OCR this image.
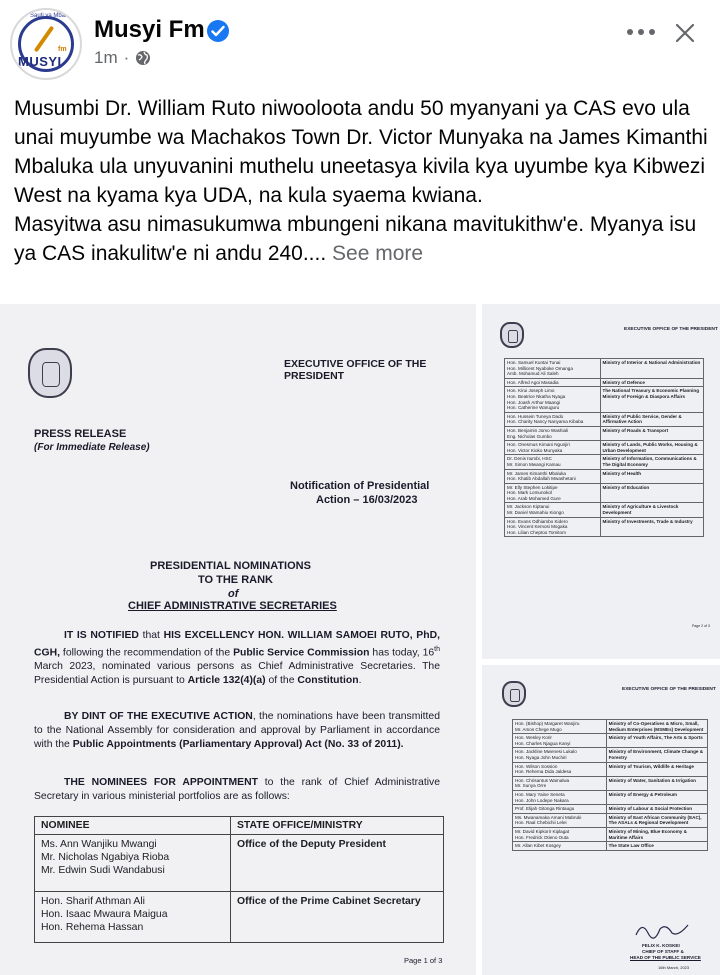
Sauti ya Mbaitu
MUSYI
fm
Musyi Fm
1m ·

Musumbi Dr. William Ruto niwooloota andu 50 myanyani ya CAS evo ula unai muyumbe wa Machakos Town Dr. Victor Munyaka na James Kimanthi Mbaluka ula unyuvanini muthelu uneetasya kivila kya uyumbe kya Kibwezi West na kyama kya UDA, na kula syaema kwiana.

Masyitwa asu nimasukumwa mbungeni nikana mavitukithw'e. Myanya isu ya CAS inakulitw'e ni andu 240.... See more

EXECUTIVE OFFICE OF THE PRESIDENT
PRESS RELEASE
(For Immediate Release)
Notification of Presidential
Action – 16/03/2023
PRESIDENTIAL NOMINATIONS
TO THE RANK
of
CHIEF ADMINISTRATIVE SECRETARIES
IT IS NOTIFIED that HIS EXCELLENCY HON. WILLIAM SAMOEI RUTO, PhD, CGH, following the recommendation of the Public Service Commission has today, 16th March 2023, nominated various persons as Chief Administrative Secretaries. The Presidential Action is pursuant to Article 132(4)(a) of the Constitution.
BY DINT OF THE EXECUTIVE ACTION, the nominations have been transmitted to the National Assembly for consideration and approval by Parliament in accordance with the Public Appointments (Parliamentary Approval) Act (No. 33 of 2011).
THE NOMINEES FOR APPOINTMENT to the rank of Chief Administrative Secretary in various ministerial portfolios are as follows:
NOMINEE	STATE OFFICE/MINISTRY

Ms. Ann Wanjiku Mwangi
Mr. Nicholas Ngabiya Rioba
Mr. Edwin Sudi Wandabusi	Office of the Deputy President

Hon. Sharif Athman Ali
Hon. Isaac Mwaura Maigua
Hon. Rehema Hassan	Office of the Prime Cabinet Secretary
Page 1 of 3
EXECUTIVE OFFICE OF THE PRESIDENT
Hon. Samuel Kuntai Tunai
Hon. Millicent Nyaboke Omanga
Amb. Mohamud Ali Saleh	Ministry of Interior & National Administration
Hon. Alfred Agoi Masadia	Ministry of Defence
Hon. Kirui Joseph Limo
Hon. Beatrice Nkatha Nyaga
Hon. Joash Arthur Maangi
Hon. Catherine Waruguru	The National Treasury & Economic Planning
Ministry of Foreign & Diaspora Affairs
Hon. Hussein Tuneya Dado
Hon. Charity Nancy Nanyama Kibaba	Ministry of Public Service, Gender & Affirmative Action
Hon. Benjamin Jomo Washiali
Eng. Nicholas Gumbo	Ministry of Roads & Transport
Hon. Onesmus Kimani Ngunjiri
Hon. Victor Kioko Munyaka	Ministry of Lands, Public Works, Housing & Urban Development
Dr. Denis Itumbi, HSC
Mr. Simon Mwangi Kamau	Ministry of Information, Communications & The Digital Economy
Mr. James Kimanthi Mbaluka
Hon. Khatib Abdallah Mwashetani	Ministry of Health
Mr. Elly Stephen Lokitipe
Hon. Mark Lomunokol
Hon. Arab Mohamed Gure	Ministry of Education
Mr. Jackson Kiptanui
Mr. Daniel Wamahiu Kiongo	Ministry of Agriculture & Livestock Development
Hon. Evans Odhiambo Kidero
Hon. Vincent Kemosi Mogaka
Hon. Lilian Cheptoo Tomitom	Ministry of Investments, Trade & Industry
Page 2 of 3
EXECUTIVE OFFICE OF THE PRESIDENT
Hon. (Bishop) Margaret Wanjiru
Mr. Amos Chege Mugo	Ministry of Co-Operatives & Micro, Small, Medium Enterprises (MSMEs) Development
Hon. Wesley Korir
Hon. Charles Njagua Kanyi	Ministry of Youth Affairs, The Arts & Sports
Hon. Jackline Mwenesi Lukalo
Hon. Nyaga John Muchiri	Ministry of Environment, Climate Change & Forestry
Hon. Wilson Sossion
Hon. Rehema Dida Jaldesa	Ministry of Tourism, Wildlife & Heritage
Hon. Chrisantus Wamalwa
Mr. Sunya Orre	Ministry of Water, Sanitation & Irrigation
Hon. Mary Yaine Seneta
Hon. John Lodepe Nakara	Ministry of Energy & Petroleum
Prof. Elijah Gitonga Rintaugu	Ministry of Labour & Social Protection
Ms. Mwanamaka Amani Mabruki
Hon. Raal Chebichii Lelei	Ministry of East African Community (EAC), The ASALs & Regional Development
Mr. David Kipkorir Kiplagat
Hon. Fredrick Otieno Outa	Ministry of Mining, Blue Economy & Maritime Affairs
Mr. Allan Kibet Kosgey	The State Law Office
FELIX K. KOSKEI
CHIEF OF STAFF &
HEAD OF THE PUBLIC SERVICE
16th March, 2023
